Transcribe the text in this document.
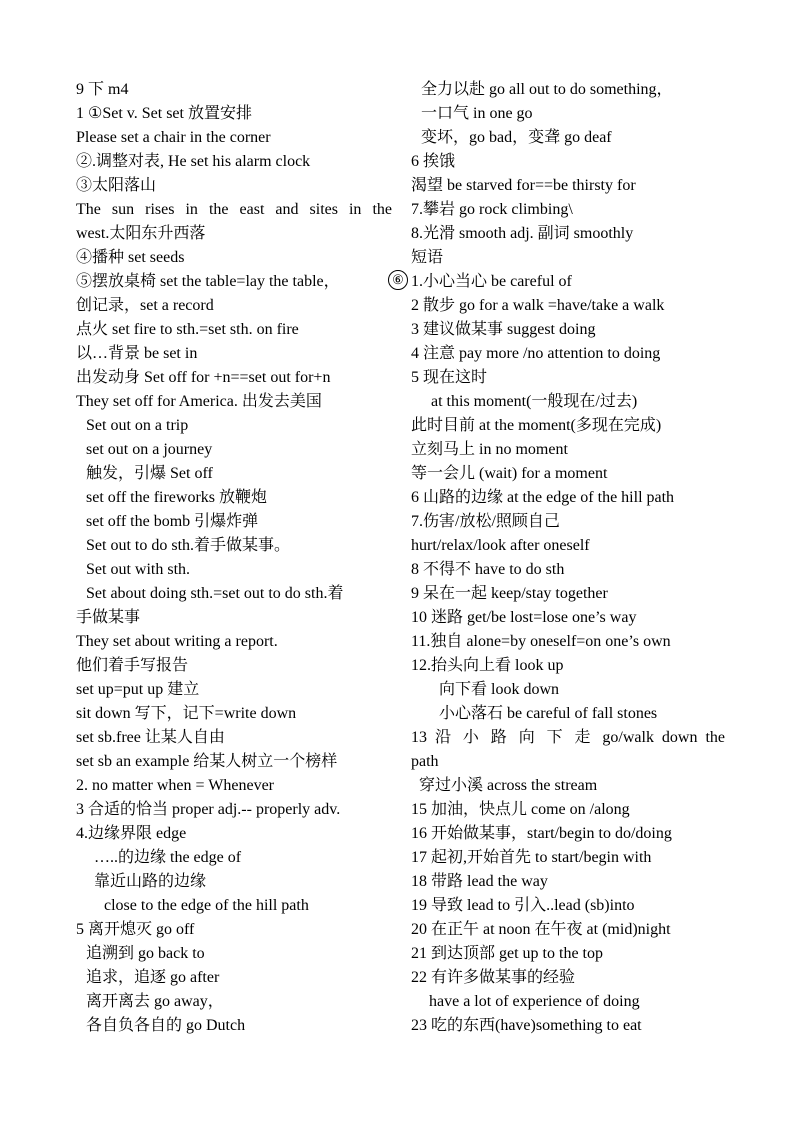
9 下 m4
1 ①Set v. Set set 放置安排
Please set a chair in the corner
②.调整对表, He set his alarm clock
③太阳落山
The sun rises in the east and sites in the
west.太阳东升西落
④播种 set seeds
⑤摆放桌椅 set the table=lay the table，
创记录，set a record
点火 set fire to sth.=set sth. on fire
以…背景 be set in
出发动身 Set off for +n==set out for+n
They set off for America. 出发去美国
Set out on a trip
set out on a journey
触发，引爆 Set off
set off the fireworks 放鞭炮
set off the bomb 引爆炸弹
Set out to do sth.着手做某事。
Set out with sth.
Set about doing sth.=set out to do sth.着
手做某事
They set about writing a report.
他们着手写报告
set up=put up 建立
sit down 写下，记下=write down
set sb.free 让某人自由
set sb an example 给某人树立一个榜样
2. no matter when = Whenever
3 合适的恰当 proper adj.-- properly adv.
4.边缘界限 edge
…..的边缘 the edge of
靠近山路的边缘
close to the edge of the hill path
5 离开熄灭 go off
追溯到 go back to
追求，追逐 go after
离开离去 go away，
各自负各自的 go Dutch
⑥
全力以赴 go all out to do something，
一口气 in one go
变坏，go bad，变聋 go deaf
6 挨饿
渴望 be starved for==be thirsty for
7.攀岩 go rock climbing\
8.光滑 smooth adj. 副词 smoothly
短语
1.小心当心 be careful of
2 散步 go for a walk =have/take a walk
3 建议做某事 suggest doing
4 注意 pay more /no attention to doing
5 现在这时
at this moment(一般现在/过去)
此时目前 at the moment(多现在完成)
立刻马上 in no moment
等一会儿 (wait) for a moment
6 山路的边缘 at the edge of the hill path
7.伤害/放松/照顾自己
hurt/relax/look after oneself
8 不得不 have to do sth
9 呆在一起 keep/stay together
10 迷路 get/be lost=lose one’s way
11.独自 alone=by oneself=on one’s own
12.抬头向上看 look up
向下看 look down
小心落石 be careful of fall stones
13 沿 小 路 向 下 走 go/walk down the
path
穿过小溪 across the stream
15 加油，快点儿 come on /along
16 开始做某事，start/begin to do/doing
17 起初,开始首先 to start/begin with
18 带路 lead the way
19 导致 lead to 引入..lead (sb)into
20 在正午 at noon 在午夜 at (mid)night
21 到达顶部 get up to the top
22 有许多做某事的经验
have a lot of experience of doing
23 吃的东西(have)something to eat
